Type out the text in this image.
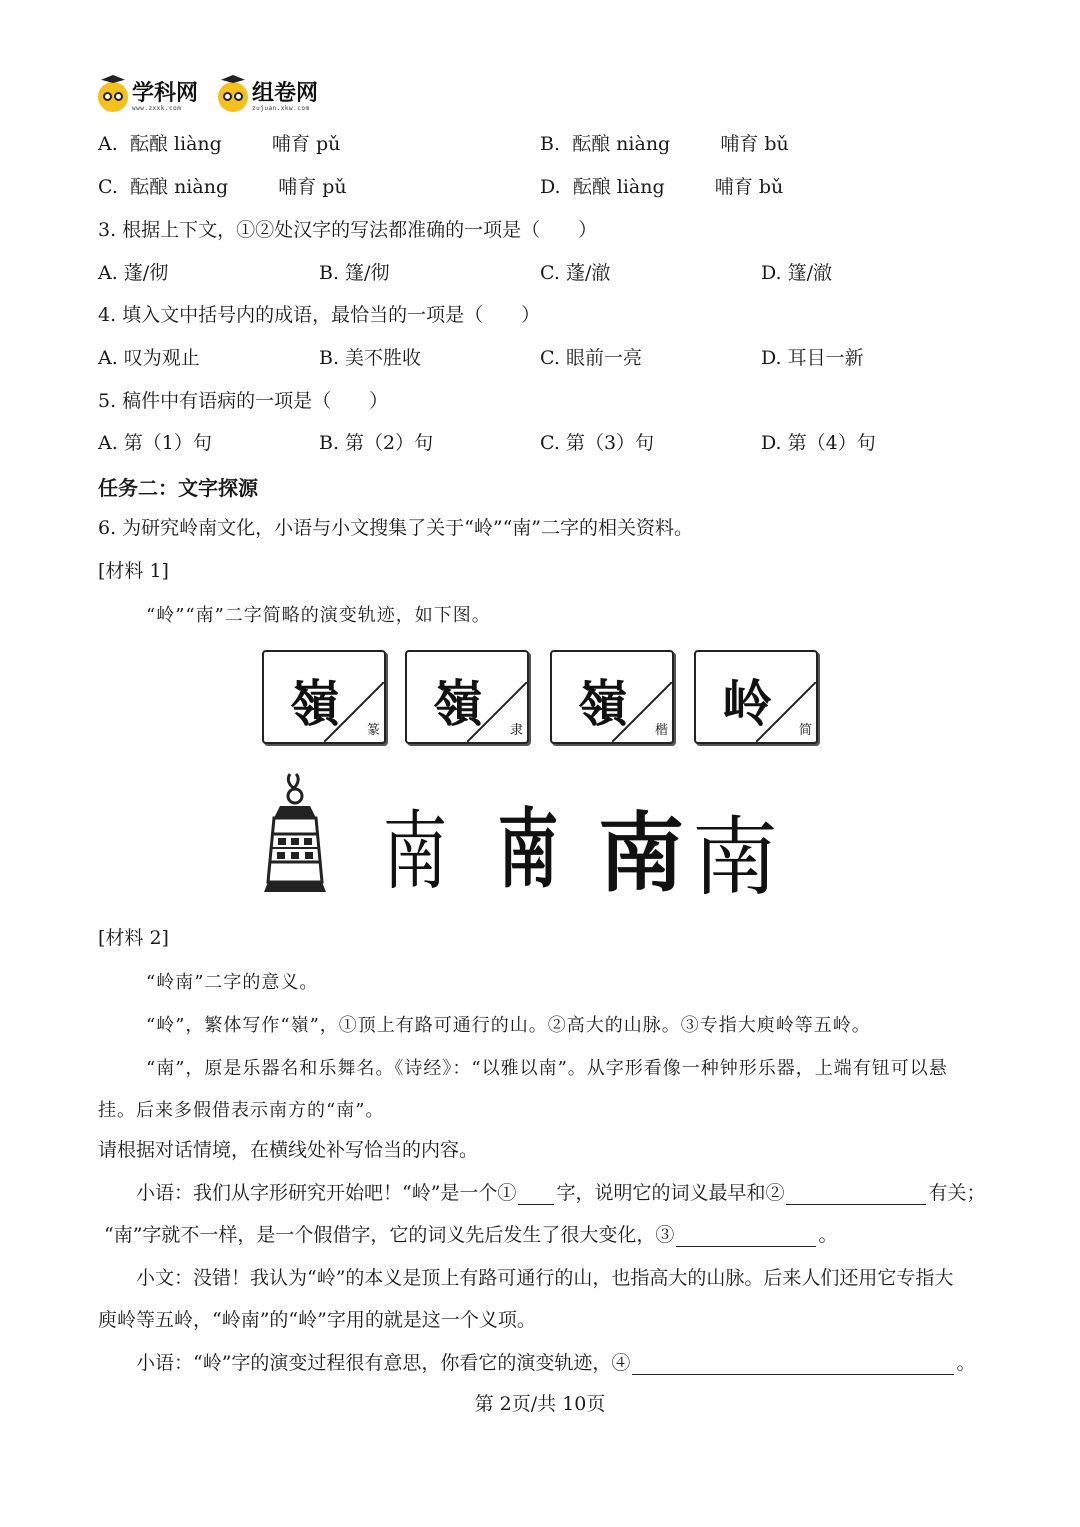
学科网
www.zxxk.com
组卷网
zujuan.xkw.com
A. 酝酿 liàng	哺育 pǔ	B. 酝酿 niàng	哺育 bǔ
C. 酝酿 niàng	哺育 pǔ	D. 酝酿 liàng	哺育 bǔ
3. 根据上下文，①②处汉字的写法都准确的一项是（　　）
A. 蓬/彻	B. 篷/彻	C. 蓬/澈	D. 篷/澈
4. 填入文中括号内的成语，最恰当的一项是（　　）
A. 叹为观止	B. 美不胜收	C. 眼前一亮	D. 耳目一新
5. 稿件中有语病的一项是（　　）
A. 第（1）句	B. 第（2）句	C. 第（3）句	D. 第（4）句
任务二：文字探源
6. 为研究岭南文化，小语与小文搜集了关于“岭”“南”二字的相关资料。
[材料 1]
“岭”“南”二字简略的演变轨迹，如下图。
嶺	篆	嶺	隶	嶺	楷	岭	简
南 南 南 南
[材料 2]
“岭南”二字的意义。
“岭”，繁体写作“嶺”，①顶上有路可通行的山。②高大的山脉。③专指大庾岭等五岭。
“南”，原是乐器名和乐舞名。《诗经》：“以雅以南”。从字形看像一种钟形乐器，上端有钮可以悬
挂。后来多假借表示南方的“南”。
请根据对话情境，在横线处补写恰当的内容。
小语：我们从字形研究开始吧！“岭”是一个① 字，说明它的词义最早和②	有关；
“南”字就不一样，是一个假借字，它的词义先后发生了很大变化，③	。
小文：没错！我认为“岭”的本义是顶上有路可通行的山，也指高大的山脉。后来人们还用它专指大
庾岭等五岭，“岭南”的“岭”字用的就是这一个义项。
小语：“岭”字的演变过程很有意思，你看它的演变轨迹，④	。
第 2页/共 10页
